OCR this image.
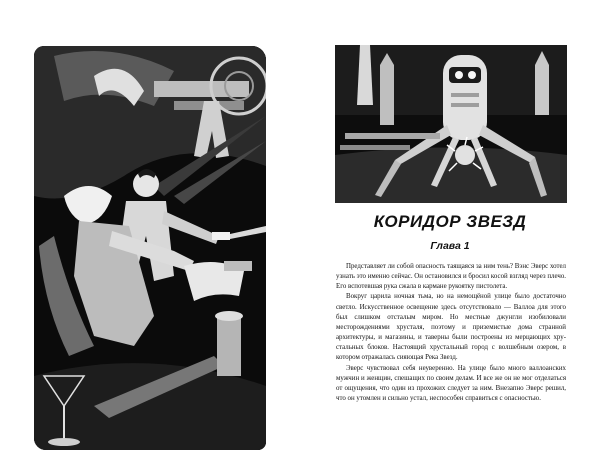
КОРИДОР ЗВЕЗД
Глава 1

Представляет ли собой опасность таящаяся за ним тень? Вэнс Эверс хотел узнать это именно сейчас. Он остановился и бросил косой взгляд через плечо. Его вспотевшая рука сжала в кармане рукоятку пистолета.

Вокруг царила ночная тьма, но на немощёной улице было достаточно светло. Искусственное освещение здесь отсутствовало — Валлоа для этого был слишком отсталым миром. Но местные джунгли изобиловали месторождениями хрусталя, поэтому и приземистые дома странной архитектуры, и магазины, и таверны были построены из мерцающих хрустальных блоков. Настоящий хрустальный город с волшебным озером, в котором отражалась сияющая Река Звезд.

Эверс чувствовал себя неуверенно. На улице было много валлоанских мужчин и женщин, спешащих по своим делам. И все же он не мог отделаться от ощущения, что один из прохожих следует за ним. Внезапно Эверс решил, что он утомлен и сильно устал, неспособен справиться с опасностью.
